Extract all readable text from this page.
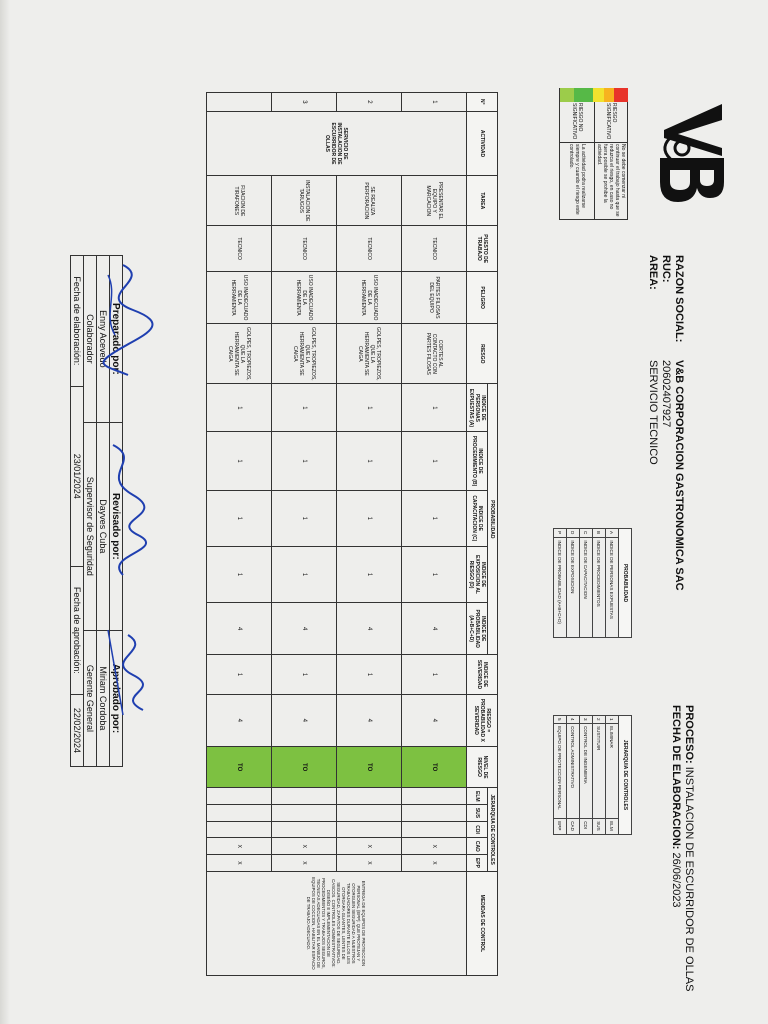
RAZON SOCIAL:
V&B CORPORACION GASTRONOMICA SAC
RUC:
20602407927
AREA:
SERVICIO TECNICO
PROCESO: INSTALACION DE ESCURRIDOR DE OLLAS
FECHA DE ELABORACION: 26/06/2023
	RIESGO SIGNIFICATIVO	No se debe comenzar ni continuar el trabajo hasta que se reduzca el riesgo, en caso no fuera posible se prohibe la actividad.

	RIESGO NO SIGNIFICATIVO	La actividad podra realizarse siempre y cuando el riesgo este controlado.

PROBABILIDAD	
A	INDICE DE PERSONAS EXPUESTAS
B	INDICE DE PROCEDIMIENTOS
C	INDICE DE CAPACITACION
D	INDICE DE EXPOSICION
P	INDICE DE PROBABILIDAD (A+B+C+D)
JERARQUIA DE CONTROLES		
1	ELIMINAR	ELM
2	SUSTITUIR	SUS
3	CONTROL DE INGENIERIA	CDI
4	CONTROL ADMINISTRATIVO	CAD
5	EQUIPO DE PROTECCION PERSONAL	EPP
N°	ACTIVIDAD	TAREA	PUESTO DE TRABAJO	PELIGRO	RIESGO	PROBABILIDAD					INDICE DE SEVERIDAD	RIESGO = PROBABILIDAD X SEVERIDAD	NIVEL DE RIESGO	JERARQUIA DE CONTROLES					MEDIDAS DE CONTROL
						INDICE DE PERSONAS EXPUESTAS (A)	INDICE DE PROCEDIMIENTO (B)	INDICE DE CAPACITACION (C)	INDICE DE EXPOSICION AL RIESGO (D)	INDICE DE PROBABILIDAD (A+B+C+D)				ELM	SUS	CDI	CAD	EPP	
1	SERVICIO DE INSTALACION DE ESCURRIDOR DE OLLAS	PRESENTAR EL EQUIPO Y MARCACION	TECNICO	PARTES FILOSAS DEL EQUIPO	CORTES AL CONTACTO CON PARTES FILOSAS	1	1	1	1	4	1	4	TO				X	X	ENTREGA DE EQUIPOS DE PROTECCION PERSONAL (EPP): QUE PROTEJAN Y OTORGUEN SEGURIDAD A NUESTROS TRABAJADORES DURANTE ELLOS LES OTORGARA GUANTES, LENTES DE SEGURIDAD, ZAPATOS DE SEGURIDAD. CASCOS. CONTROLES ADMINISTRATIVOS: DISEÑO E IMPLEMENTACION DE PROCEDIMIENTOS Y TRABAJOS SEGUROS, TECNICAS ADECUADAS EN EL MANEJO DE EQUIPOS DE COCCION, HABILITAR ESPACIO DE TRABAJO ADECUADO.
2		SE REALIZA PERFORACION	TECNICO	USO INADECUADO DE LA HERRAMIENTA	GOLPES, TROPIEZOS, QUE LA HERRAMIENTA SE CAIGA	1	1	1	1	4	1	4	TO				X	X	
3		INSTALACION DE TARUGOS	TECNICO	USO INADECUADO DE LA HERRAMIENTA	GOLPES, TROPIEZOS, QUE LA HERRAMIENTA SE CAIGA	1	1	1	1	4	1	4	TO				X	X	
		FIJACION DE TIRAFONES	TECNICO	USO INADECUADO DE LA HERRAMIENTA	GOLPES, TROPIEZOS, QUE LA HERRAMIENTA SE CAIGA	1	1	1	1	4	1	4	TO				X	X	
Preparado por:		Revisado por:		Aprobado por:	
Enny Acevedo		Dayves Cuba		Miriam Cordoba	
Colaborador		Supervisor de Seguridad		Gerente General	
Fecha de elaboración:	23/01/2024		Fecha de aprobación:		22/02/2024
